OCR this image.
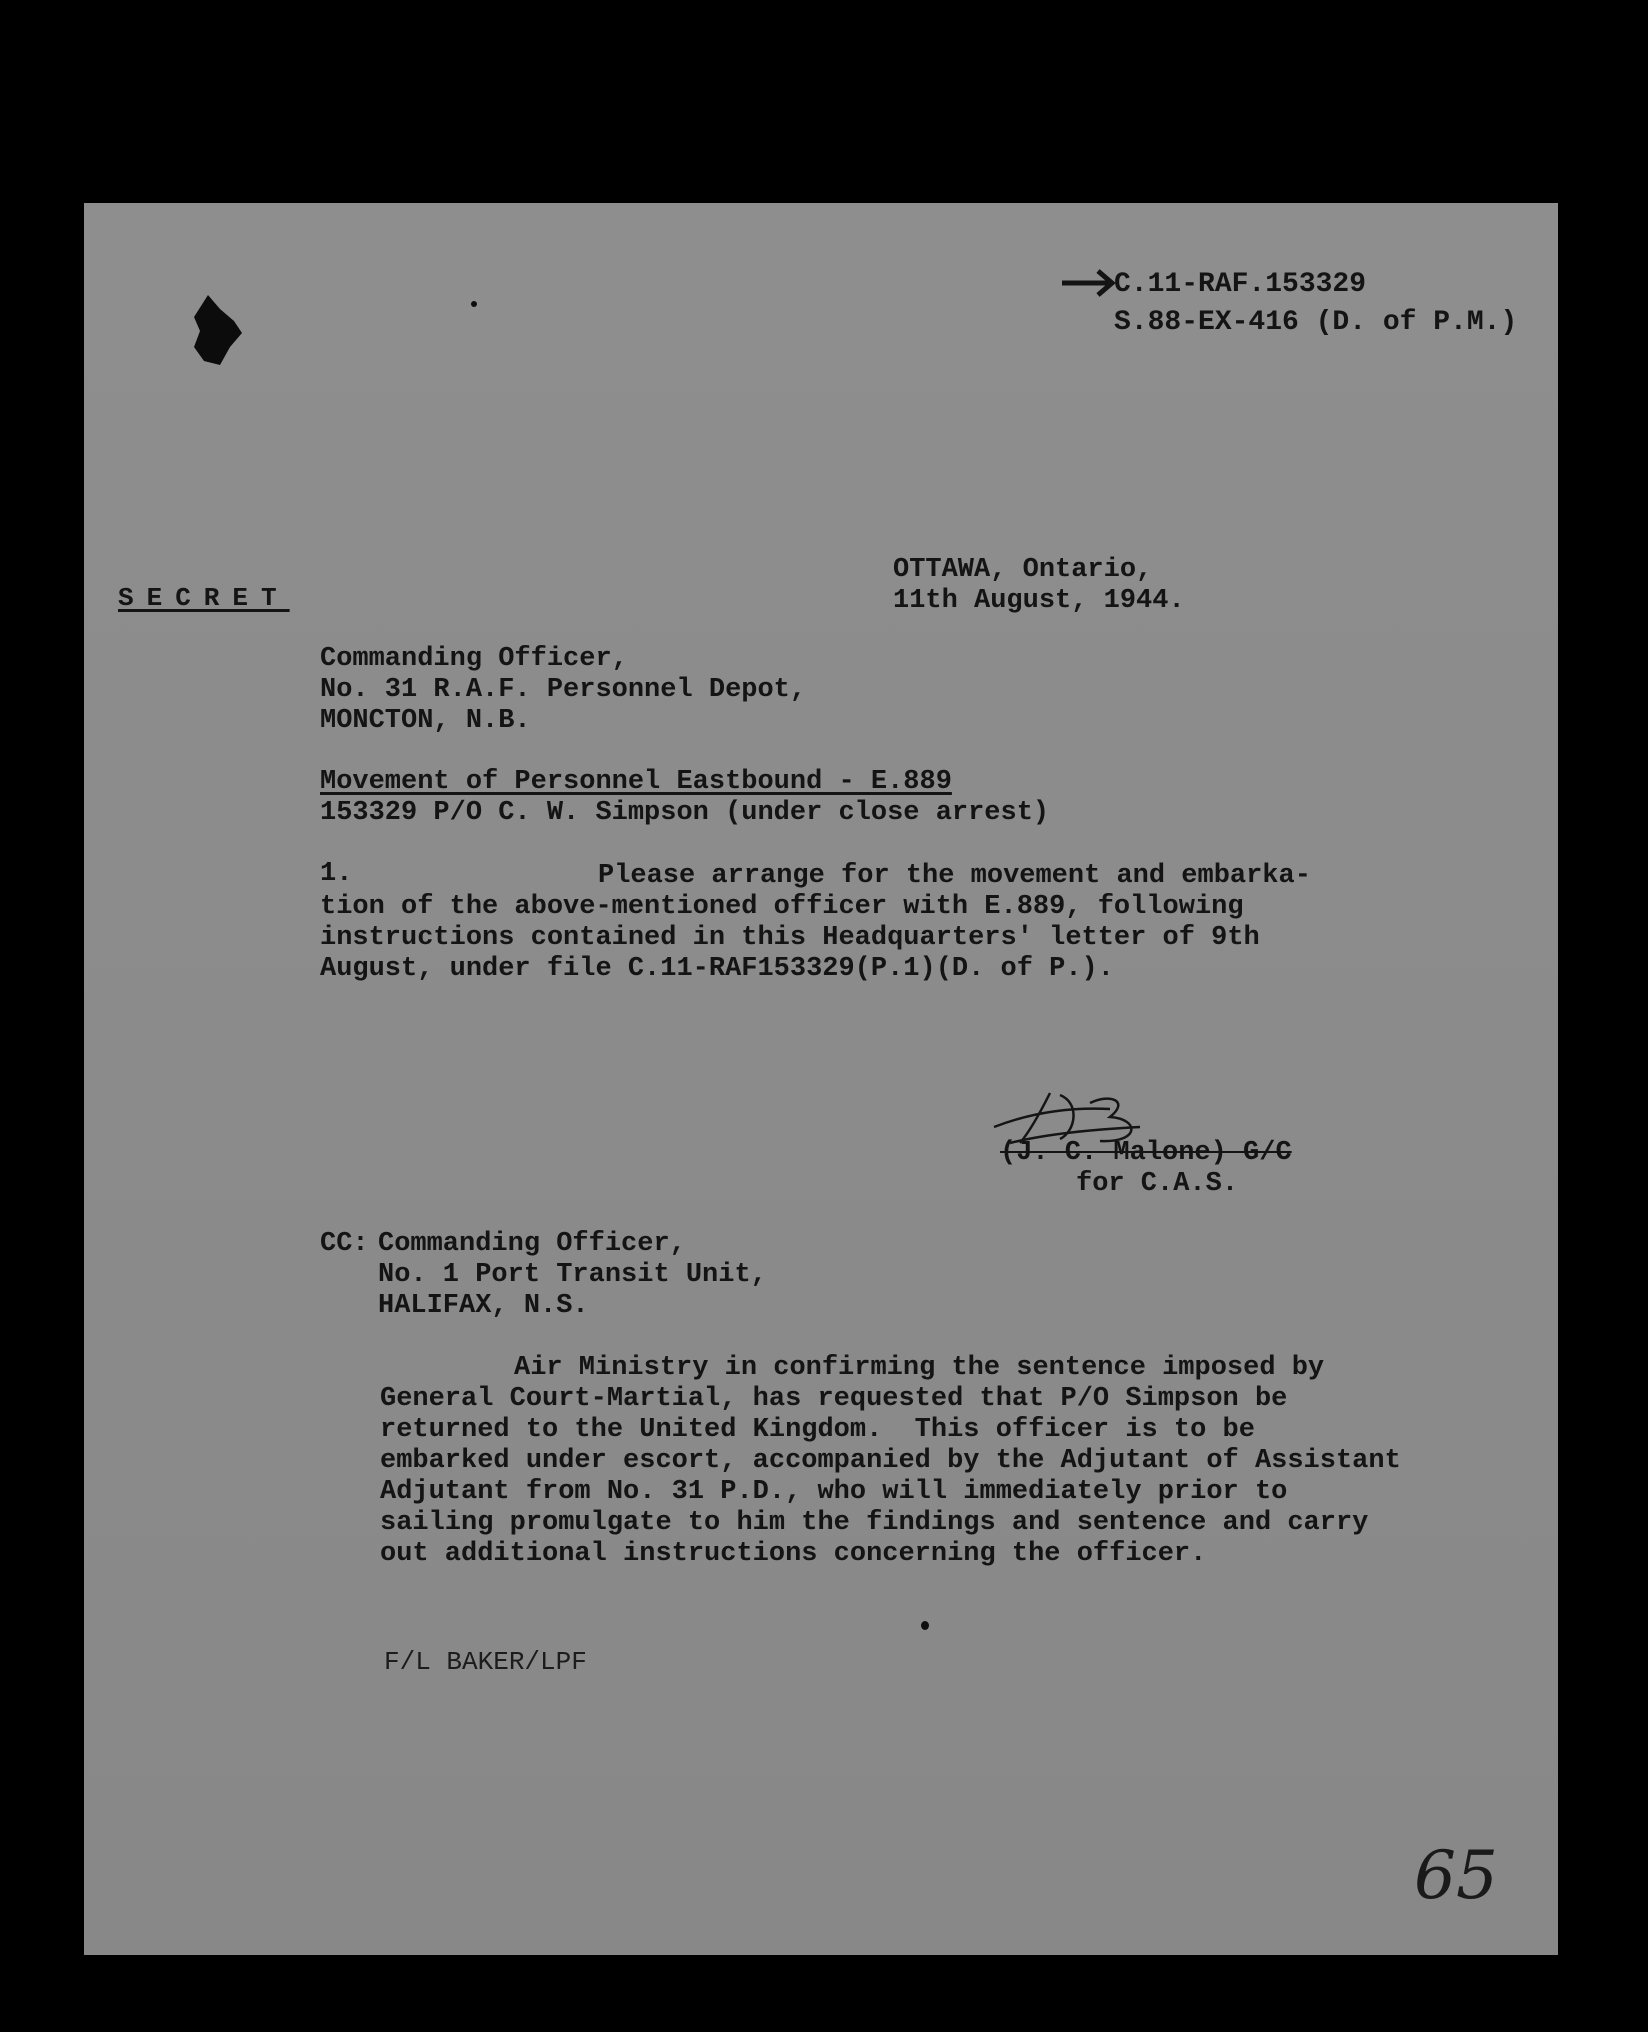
C.11-RAF.153329
S.88-EX-416 (D. of P.M.)
SECRET
OTTAWA, Ontario,
11th August, 1944.
Commanding Officer,
No. 31 R.A.F. Personnel Depot,
MONCTON, N.B.
Movement of Personnel Eastbound - E.889
153329 P/O C. W. Simpson (under close arrest)
1.	Please arrange for the movement and embarka-
tion of the above-mentioned officer with E.889, following
instructions contained in this Headquarters' letter of 9th
August, under file C.11-RAF153329(P.1)(D. of P.).
(J. C. Malone) G/C
for C.A.S.
CC: Commanding Officer,
No. 1 Port Transit Unit,
HALIFAX, N.S.
Air Ministry in confirming the sentence imposed by
General Court-Martial, has requested that P/O Simpson be
returned to the United Kingdom.  This officer is to be
embarked under escort, accompanied by the Adjutant of Assistant
Adjutant from No. 31 P.D., who will immediately prior to
sailing promulgate to him the findings and sentence and carry
out additional instructions concerning the officer.
F/L BAKER/LPF
65
